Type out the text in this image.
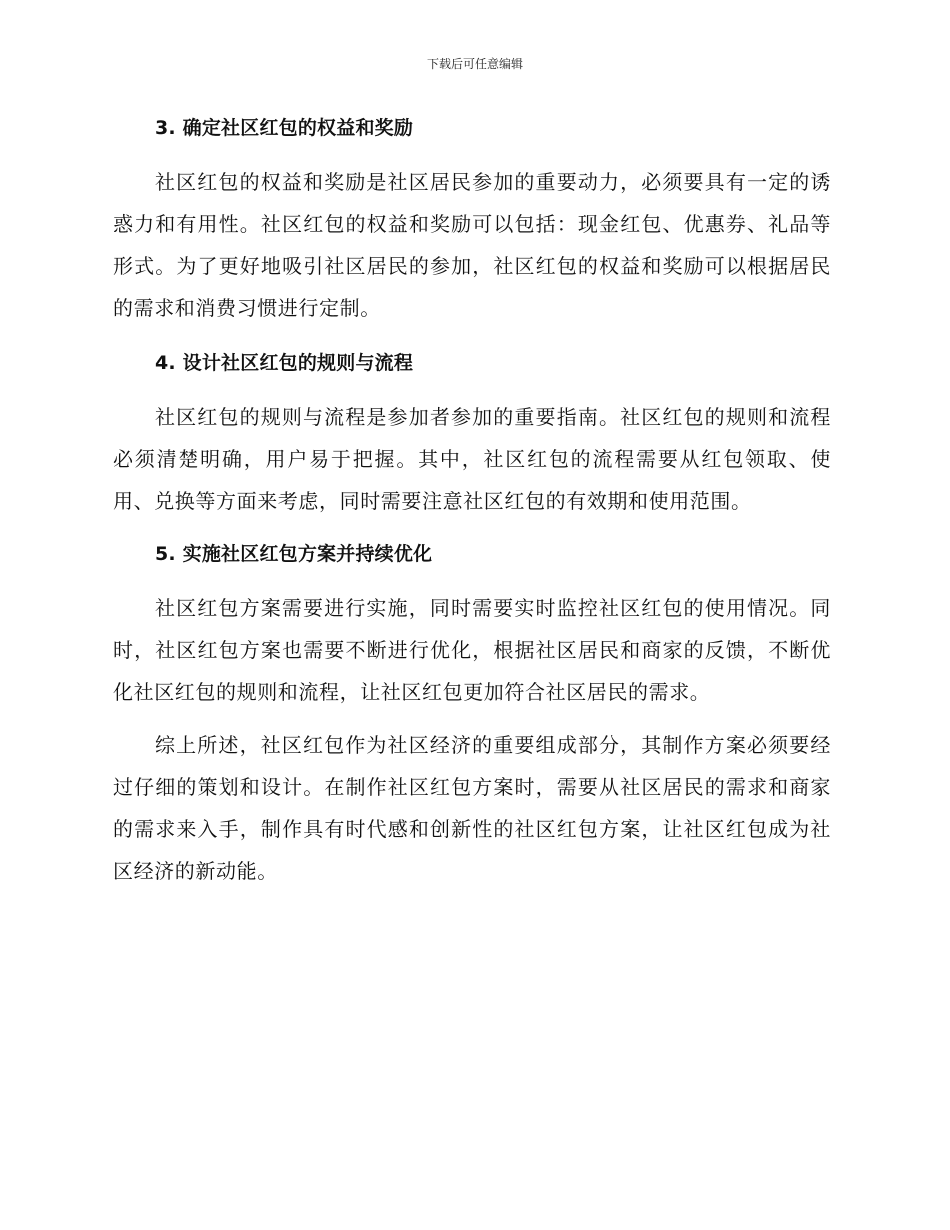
下载后可任意编辑
3. 确定社区红包的权益和奖励

社区红包的权益和奖励是社区居民参加的重要动力，必须要具有一定的诱惑力和有用性。社区红包的权益和奖励可以包括：现金红包、优惠券、礼品等形式。为了更好地吸引社区居民的参加，社区红包的权益和奖励可以根据居民的需求和消费习惯进行定制。

4. 设计社区红包的规则与流程

社区红包的规则与流程是参加者参加的重要指南。社区红包的规则和流程必须清楚明确，用户易于把握。其中，社区红包的流程需要从红包领取、使用、兑换等方面来考虑，同时需要注意社区红包的有效期和使用范围。

5. 实施社区红包方案并持续优化

社区红包方案需要进行实施，同时需要实时监控社区红包的使用情况。同时，社区红包方案也需要不断进行优化，根据社区居民和商家的反馈，不断优化社区红包的规则和流程，让社区红包更加符合社区居民的需求。

综上所述，社区红包作为社区经济的重要组成部分，其制作方案必须要经过仔细的策划和设计。在制作社区红包方案时，需要从社区居民的需求和商家的需求来入手，制作具有时代感和创新性的社区红包方案，让社区红包成为社区经济的新动能。
